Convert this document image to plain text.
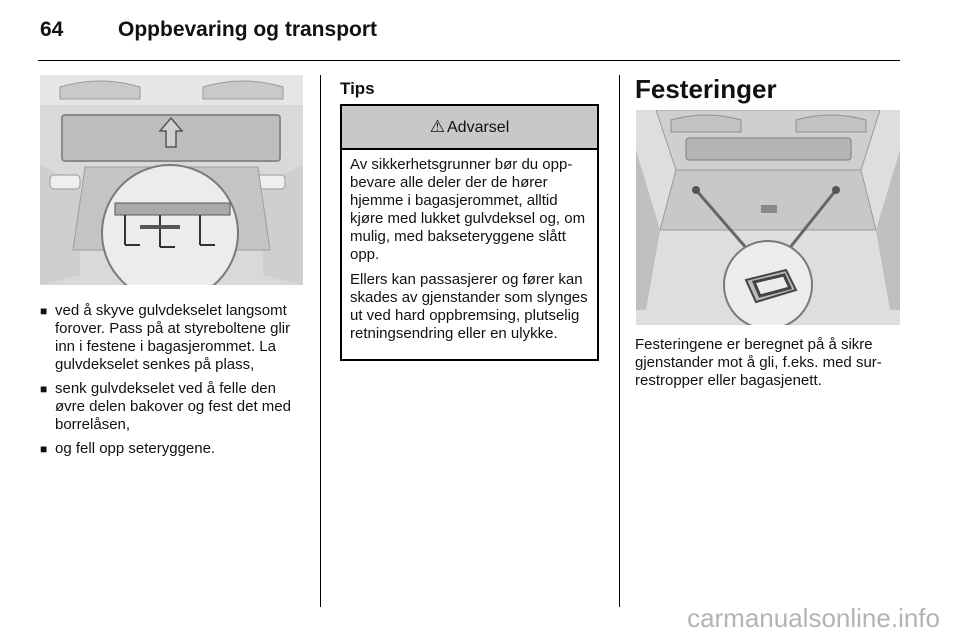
64	Oppbevaring og transport
■ ved å skyve gulvdekselet langsomt forover. Pass på at styreboltene glir inn i festene i bagasjerommet. La gulvdekselet senkes på plass,
■ senk gulvdekselet ved å felle den øvre delen bakover og fest det med borrelåsen,
■ og fell opp seteryggene.
Tips
⚠ Advarsel

Av sikkerhetsgrunner bør du oppbevare alle deler der de hører hjemme i bagasjerommet, alltid kjøre med lukket gulvdeksel og, om mulig, med bakseteryggene slått opp.

Ellers kan passasjerer og fører kan skades av gjenstander som slynges ut ved hard oppbremsing, plutselig retningsendring eller en ulykke.

Festeringer
Festeringene er beregnet på å sikre gjenstander mot å gli, f.eks. med surrestropper eller bagasjenett.
carmanualsonline.info
